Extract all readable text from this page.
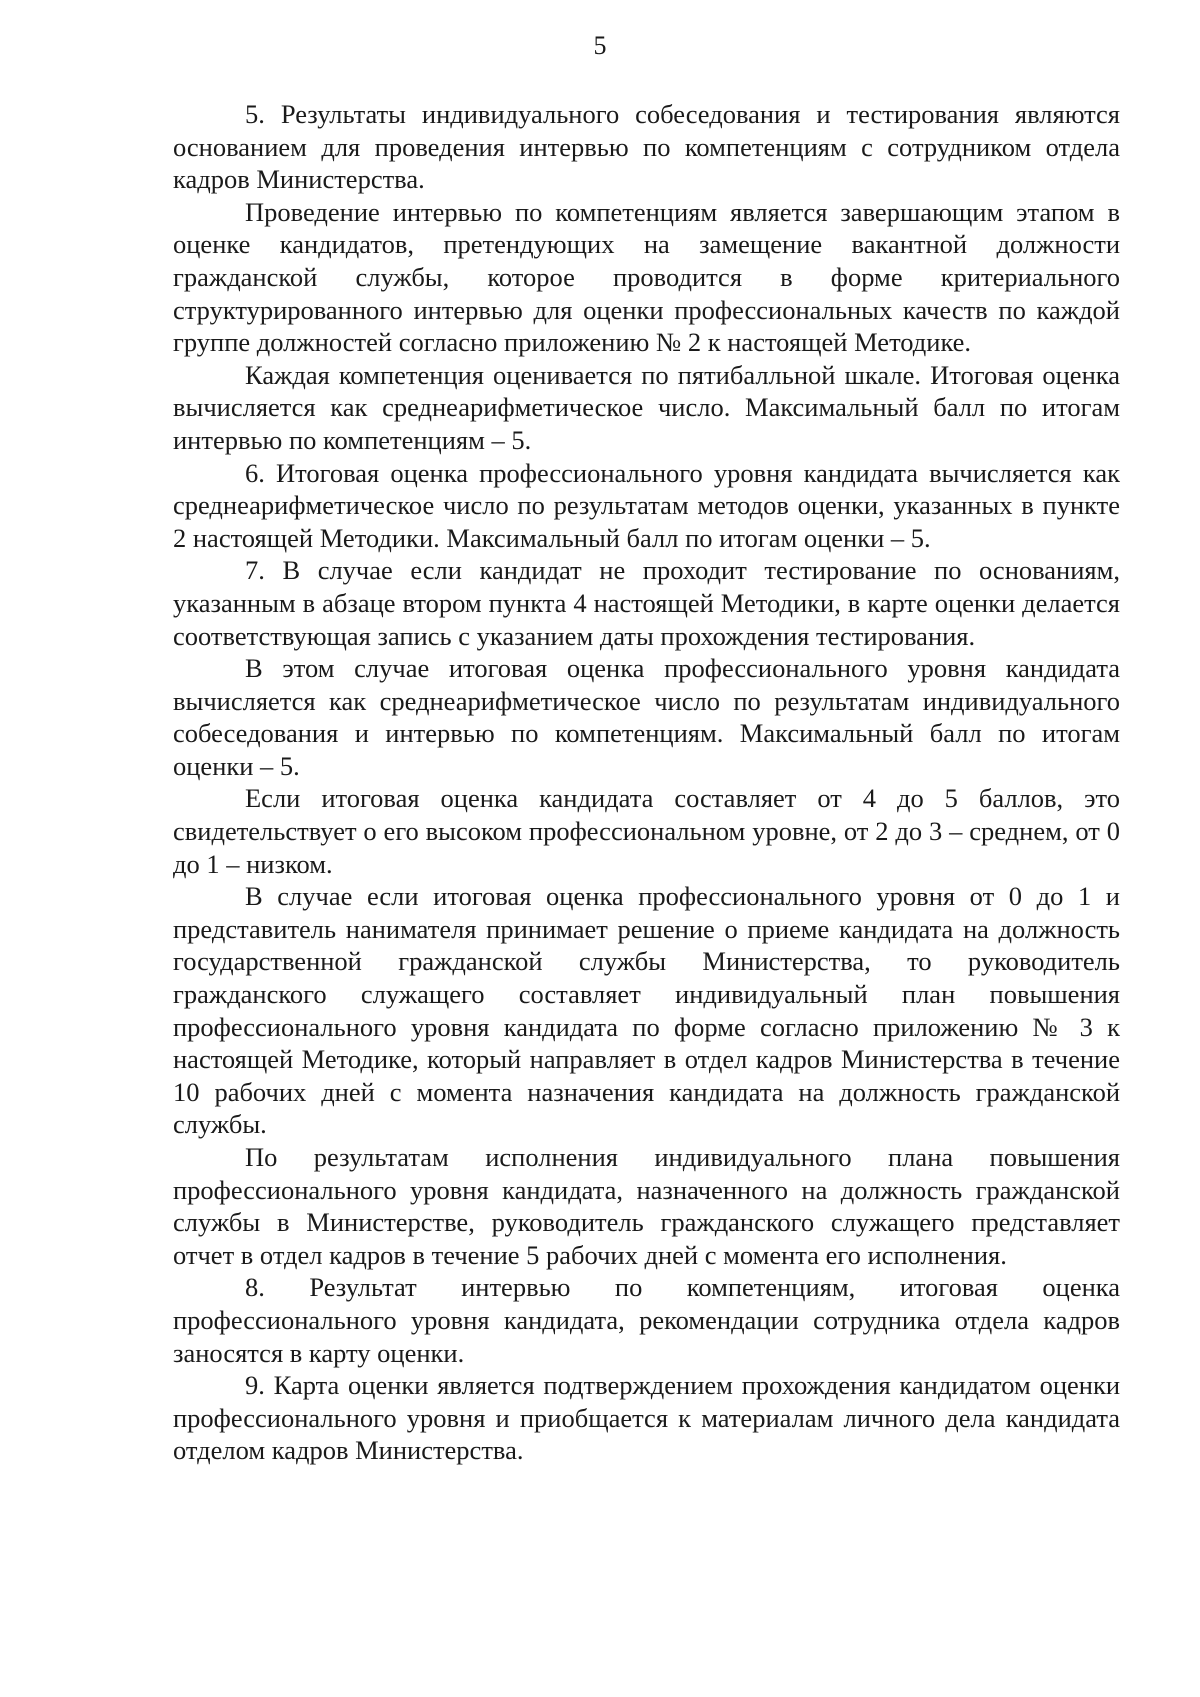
5

5. Результаты индивидуального собеседования и тестирования являются основанием для проведения интервью по компетенциям с сотрудником отдела кадров Министерства.

Проведение интервью по компетенциям является завершающим этапом в оценке кандидатов, претендующих на замещение вакантной должности гражданской службы, которое проводится в форме критериального структурированного интервью для оценки профессиональных качеств по каждой группе должностей согласно приложению № 2 к настоящей Методике.

Каждая компетенция оценивается по пятибалльной шкале. Итоговая оценка вычисляется как среднеарифметическое число. Максимальный балл по итогам интервью по компетенциям – 5.

6. Итоговая оценка профессионального уровня кандидата вычисляется как среднеарифметическое число по результатам методов оценки, указанных в пункте 2 настоящей Методики. Максимальный балл по итогам оценки – 5.

7. В случае если кандидат не проходит тестирование по основаниям, указанным в абзаце втором пункта 4 настоящей Методики, в карте оценки делается соответствующая запись с указанием даты прохождения тестирования.

В этом случае итоговая оценка профессионального уровня кандидата вычисляется как среднеарифметическое число по результатам индивидуального собеседования и интервью по компетенциям. Максимальный балл по итогам оценки – 5.

Если итоговая оценка кандидата составляет от 4 до 5 баллов, это свидетельствует о его высоком профессиональном уровне, от 2 до 3 – среднем, от 0 до 1 – низком.

В случае если итоговая оценка профессионального уровня от 0 до 1 и представитель нанимателя принимает решение о приеме кандидата на должность государственной гражданской службы Министерства, то руководитель гражданского служащего составляет индивидуальный план повышения профессионального уровня кандидата по форме согласно приложению № 3 к настоящей Методике, который направляет в отдел кадров Министерства в течение 10 рабочих дней с момента назначения кандидата на должность гражданской службы.

По результатам исполнения индивидуального плана повышения профессионального уровня кандидата, назначенного на должность гражданской службы в Министерстве, руководитель гражданского служащего представляет отчет в отдел кадров в течение 5 рабочих дней с момента его исполнения.

8. Результат интервью по компетенциям, итоговая оценка профессионального уровня кандидата, рекомендации сотрудника отдела кадров заносятся в карту оценки.

9. Карта оценки является подтверждением прохождения кандидатом оценки профессионального уровня и приобщается к материалам личного дела кандидата отделом кадров Министерства.
